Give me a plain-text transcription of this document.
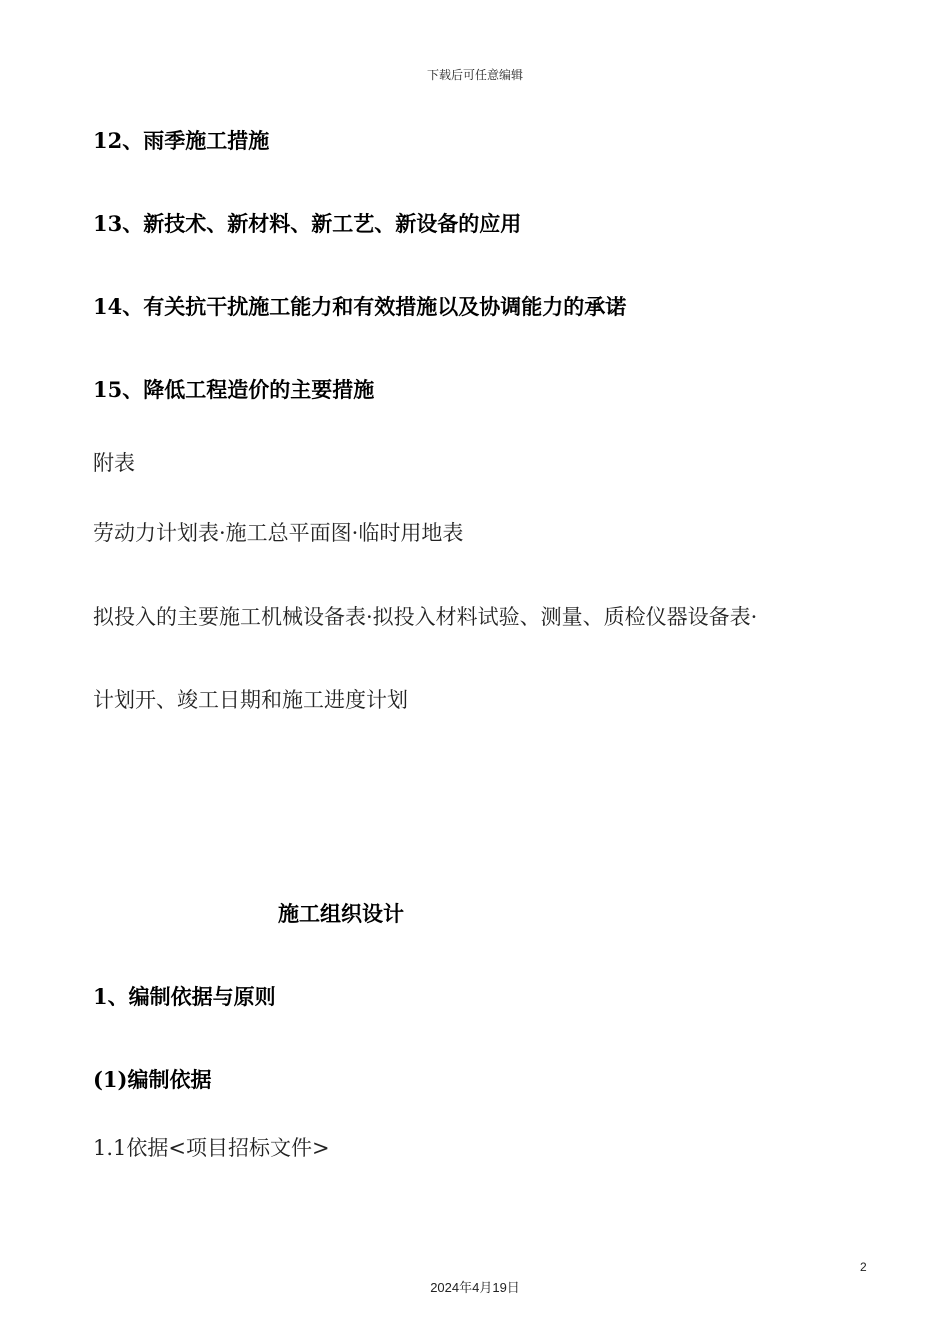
下载后可任意编辑
12、雨季施工措施
13、新技术、新材料、新工艺、新设备的应用
14、有关抗干扰施工能力和有效措施以及协调能力的承诺
15、降低工程造价的主要措施
附表
劳动力计划表·施工总平面图·临时用地表
拟投入的主要施工机械设备表·拟投入材料试验、测量、质检仪器设备表·
计划开、竣工日期和施工进度计划
施工组织设计
1、编制依据与原则
(1)编制依据
1.1依据<项目招标文件>
2
2024年4月19日
